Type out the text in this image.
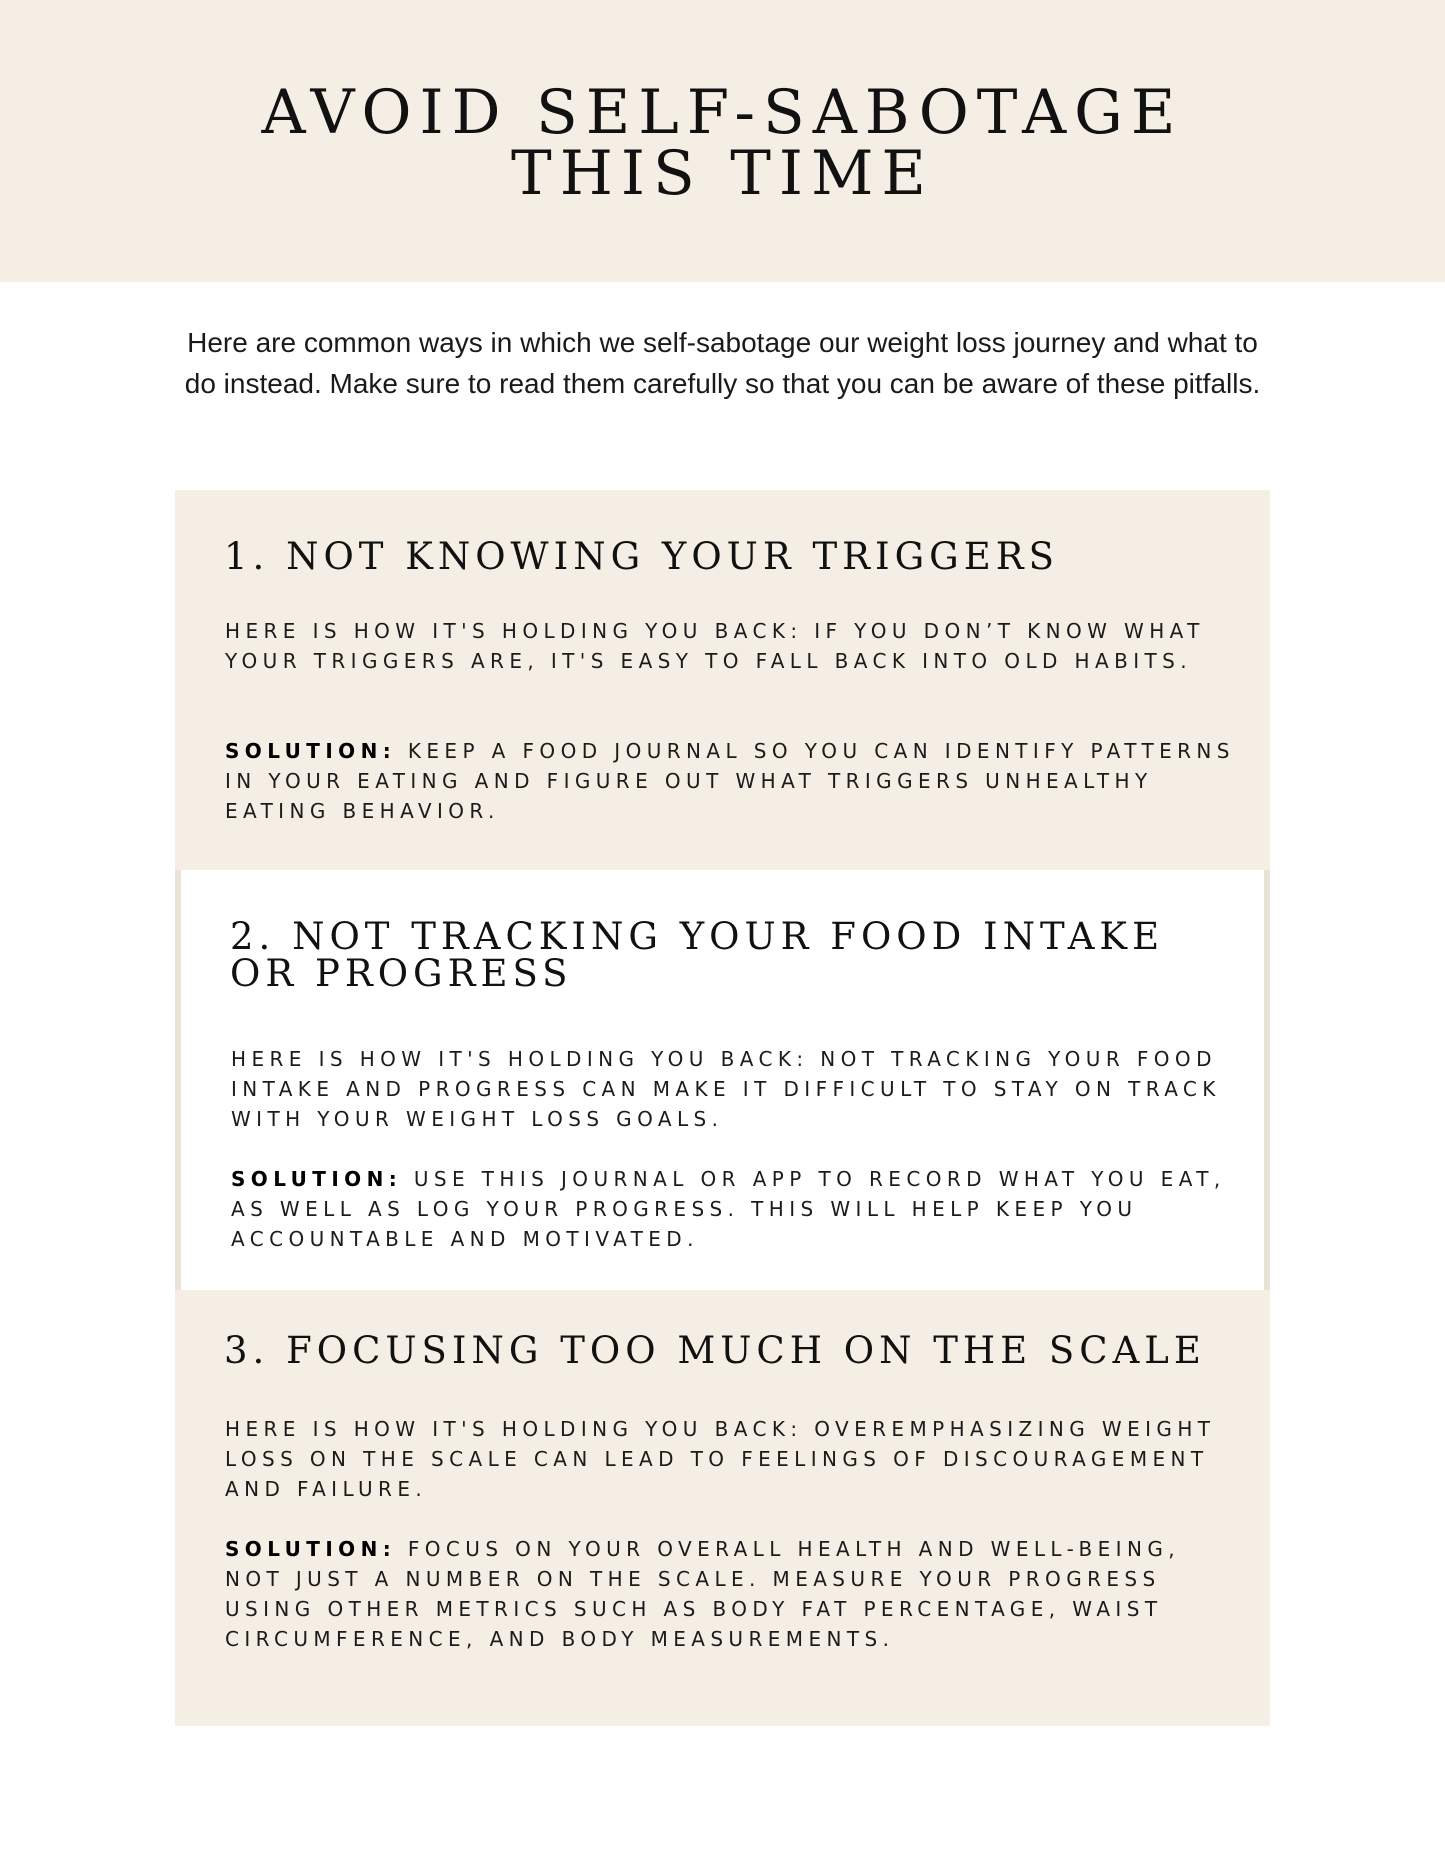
AVOID SELF-SABOTAGE
THIS TIME

Here are common ways in which we self-sabotage our weight loss journey and what to do instead. Make sure to read them carefully so that you can be aware of these pitfalls.

1. NOT KNOWING YOUR TRIGGERS

HERE IS HOW IT'S HOLDING YOU BACK: IF YOU DON’T KNOW WHAT YOUR TRIGGERS ARE, IT'S EASY TO FALL BACK INTO OLD HABITS.

SOLUTION: KEEP A FOOD JOURNAL SO YOU CAN IDENTIFY PATTERNS IN YOUR EATING AND FIGURE OUT WHAT TRIGGERS UNHEALTHY EATING BEHAVIOR.

2. NOT TRACKING YOUR FOOD INTAKE
OR PROGRESS

HERE IS HOW IT'S HOLDING YOU BACK: NOT TRACKING YOUR FOOD INTAKE AND PROGRESS CAN MAKE IT DIFFICULT TO STAY ON TRACK WITH YOUR WEIGHT LOSS GOALS.

SOLUTION: USE THIS JOURNAL OR APP TO RECORD WHAT YOU EAT, AS WELL AS LOG YOUR PROGRESS. THIS WILL HELP KEEP YOU ACCOUNTABLE AND MOTIVATED.

3. FOCUSING TOO MUCH ON THE SCALE

HERE IS HOW IT'S HOLDING YOU BACK: OVEREMPHASIZING WEIGHT LOSS ON THE SCALE CAN LEAD TO FEELINGS OF DISCOURAGEMENT AND FAILURE.

SOLUTION: FOCUS ON YOUR OVERALL HEALTH AND WELL-BEING, NOT JUST A NUMBER ON THE SCALE. MEASURE YOUR PROGRESS USING OTHER METRICS SUCH AS BODY FAT PERCENTAGE, WAIST CIRCUMFERENCE, AND BODY MEASUREMENTS.
